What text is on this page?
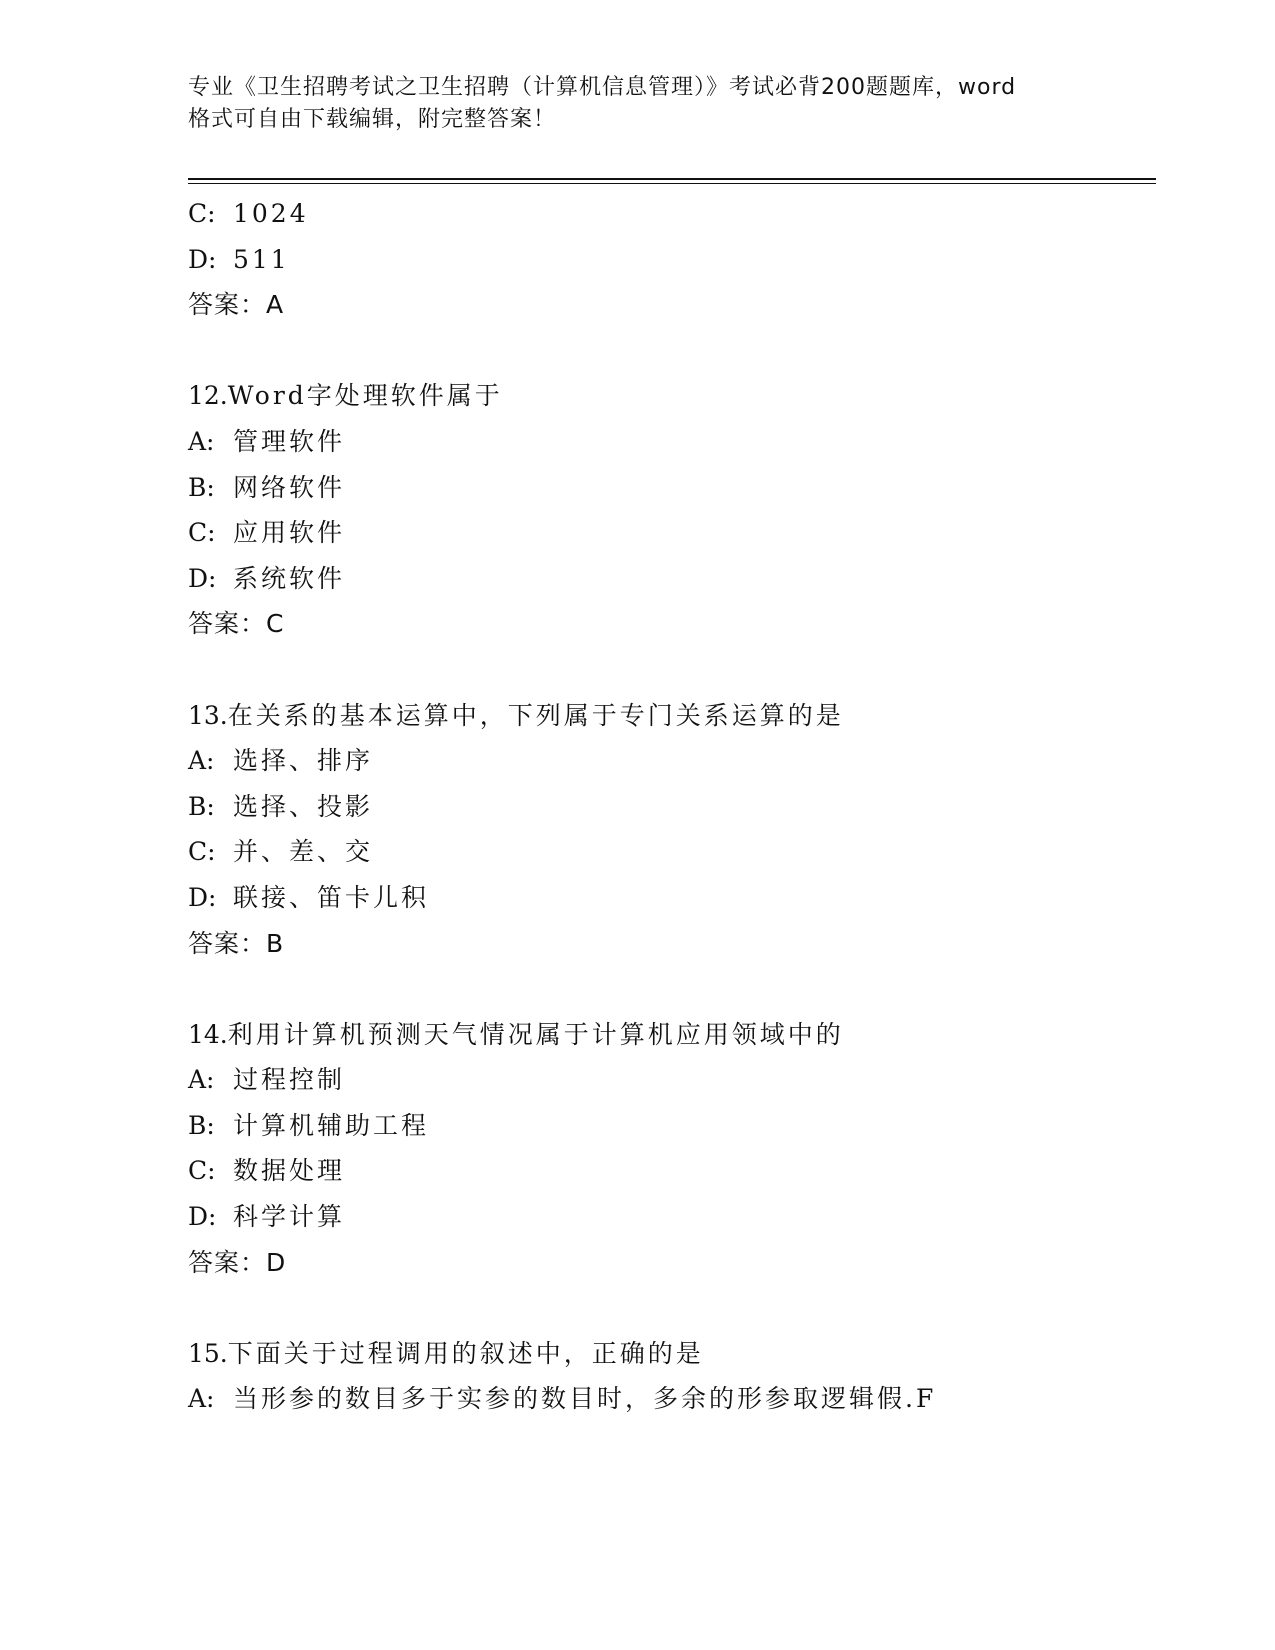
专业《卫生招聘考试之卫生招聘（计算机信息管理）》考试必背200题题库，word
格式可自由下载编辑，附完整答案！
C: 1024
D: 511
答案：A
12.Word字处理软件属于
A: 管理软件
B: 网络软件
C: 应用软件
D: 系统软件
答案：C
13.在关系的基本运算中，下列属于专门关系运算的是
A: 选择、排序
B: 选择、投影
C: 并、差、交
D: 联接、笛卡儿积
答案：B
14.利用计算机预测天气情况属于计算机应用领域中的
A: 过程控制
B: 计算机辅助工程
C: 数据处理
D: 科学计算
答案：D
15.下面关于过程调用的叙述中，正确的是
A: 当形参的数目多于实参的数目时，多余的形参取逻辑假.F
